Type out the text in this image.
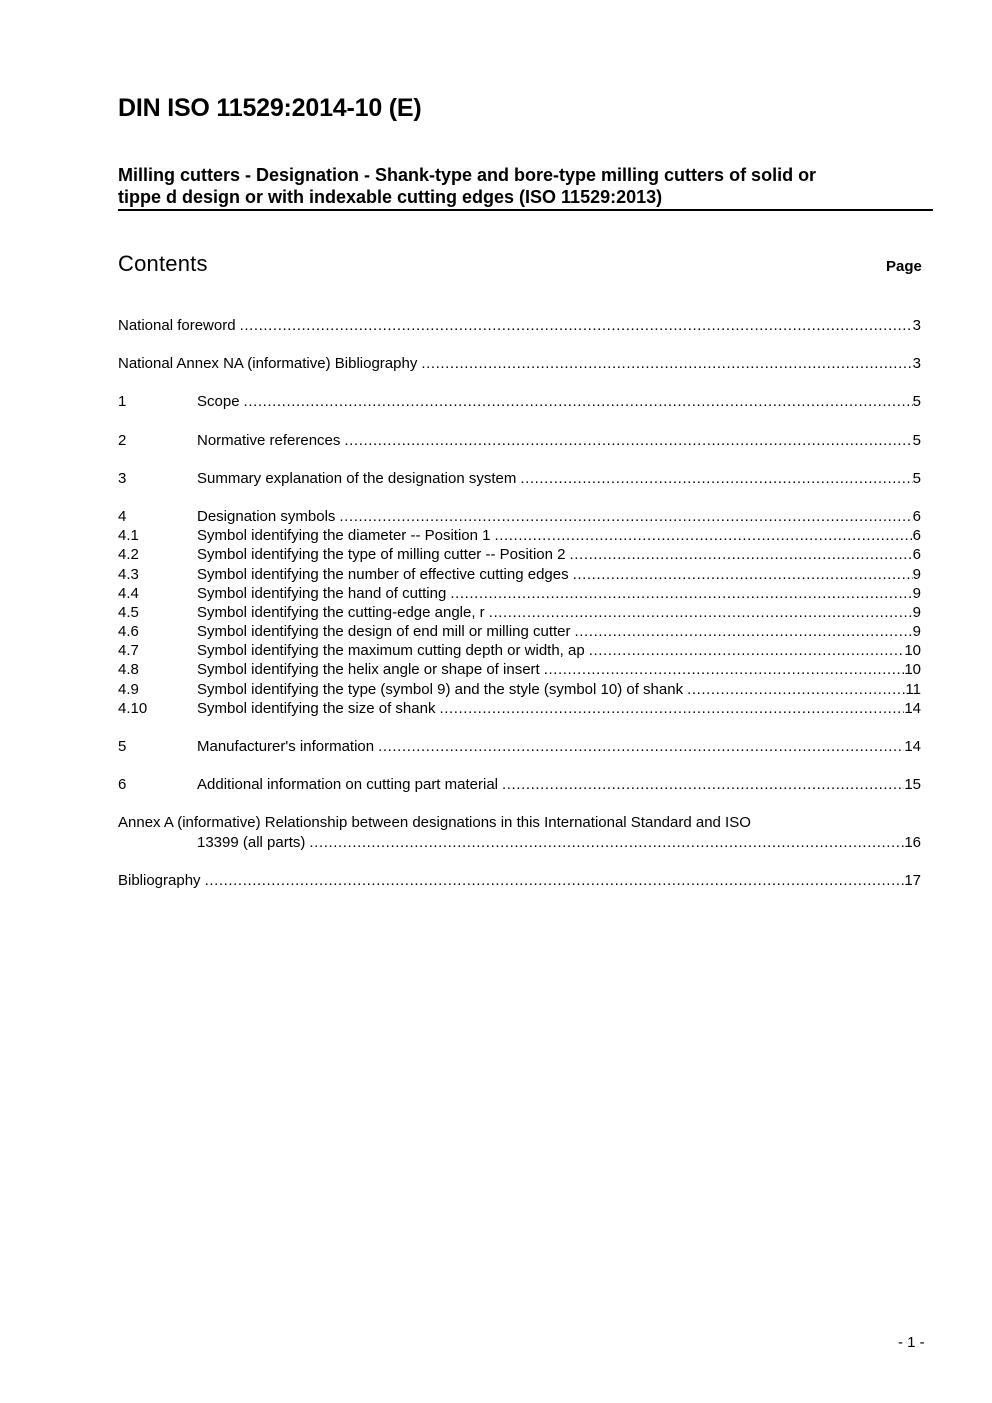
DIN ISO 11529:2014-10 (E)
Milling cutters - Designation - Shank-type and bore-type milling cutters of solid or
tippe d design or with indexable cutting edges (ISO 11529:2013)
Contents	Page
National foreword .....	3
National Annex NA (informative) Bibliography .....	3
1	Scope .....	5
2	Normative references .....	5
3	Summary explanation of the designation system .....	5
4	Designation symbols .....	6
4.1	Symbol identifying the diameter -- Position 1 .....	6
4.2	Symbol identifying the type of milling cutter -- Position 2 .....	6
4.3	Symbol identifying the number of effective cutting edges .....	9
4.4	Symbol identifying the hand of cutting .....	9
4.5	Symbol identifying the cutting-edge angle, r .....	9
4.6	Symbol identifying the design of end mill or milling cutter .....	9
4.7	Symbol identifying the maximum cutting depth or width, ap .....	10
4.8	Symbol identifying the helix angle or shape of insert .....	10
4.9	Symbol identifying the type (symbol 9) and the style (symbol 10) of shank .....	11
4.10	Symbol identifying the size of shank .....	14
5	Manufacturer's information .....	14
6	Additional information on cutting part material .....	15
Annex A (informative) Relationship between designations in this International Standard and ISO
13399 (all parts) .....	16
Bibliography .....	17
- 1 -
